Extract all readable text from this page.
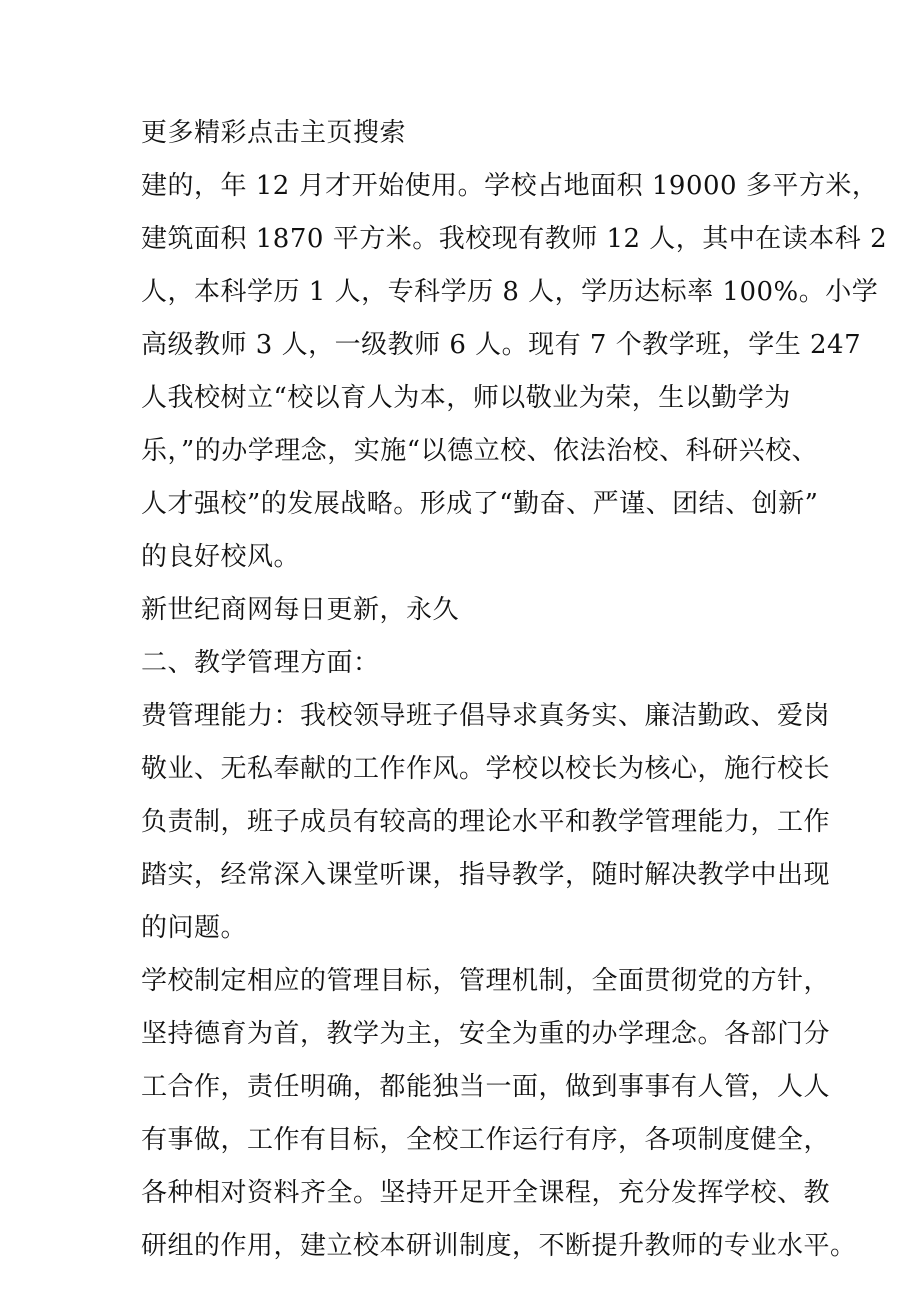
更多精彩点击主页搜索
建的，年 12 月才开始使用。学校占地面积 19000 多平方米，
建筑面积 1870 平方米。我校现有教师 12 人，其中在读本科 2
人，本科学历 1 人，专科学历 8 人，学历达标率 100%。小学
高级教师 3 人，一级教师 6 人。现有 7 个教学班，学生 247
人我校树立“校以育人为本，师以敬业为荣，生以勤学为
乐，”的办学理念，实施“以德立校、依法治校、科研兴校、
人才强校”的发展战略。形成了“勤奋、严谨、团结、创新”
的良好校风。
新世纪商网每日更新，永久
二、教学管理方面：
费管理能力：我校领导班子倡导求真务实、廉洁勤政、爱岗
敬业、无私奉献的工作作风。学校以校长为核心，施行校长
负责制，班子成员有较高的理论水平和教学管理能力，工作
踏实，经常深入课堂听课，指导教学，随时解决教学中出现
的问题。
学校制定相应的管理目标，管理机制，全面贯彻党的方针，
坚持德育为首，教学为主，安全为重的办学理念。各部门分
工合作，责任明确，都能独当一面，做到事事有人管，人人
有事做，工作有目标，全校工作运行有序，各项制度健全，
各种相对资料齐全。坚持开足开全课程，充分发挥学校、教
研组的作用，建立校本研训制度，不断提升教师的专业水平。
